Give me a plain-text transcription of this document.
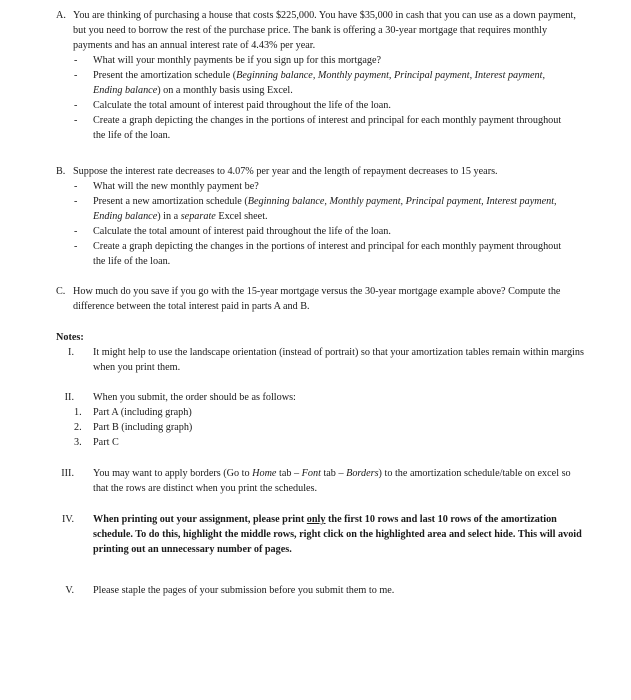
A. You are thinking of purchasing a house that costs $225,000. You have $35,000 in cash that you can use as a down payment, but you need to borrow the rest of the purchase price. The bank is offering a 30-year mortgage that requires monthly payments and has an annual interest rate of 4.43% per year.
- What will your monthly payments be if you sign up for this mortgage?
- Present the amortization schedule (Beginning balance, Monthly payment, Principal payment, Interest payment, Ending balance) on a monthly basis using Excel.
- Calculate the total amount of interest paid throughout the life of the loan.
- Create a graph depicting the changes in the portions of interest and principal for each monthly payment throughout the life of the loan.
B. Suppose the interest rate decreases to 4.07% per year and the length of repayment decreases to 15 years.
- What will the new monthly payment be?
- Present a new amortization schedule (Beginning balance, Monthly payment, Principal payment, Interest payment, Ending balance) in a separate Excel sheet.
- Calculate the total amount of interest paid throughout the life of the loan.
- Create a graph depicting the changes in the portions of interest and principal for each monthly payment throughout the life of the loan.
C. How much do you save if you go with the 15-year mortgage versus the 30-year mortgage example above? Compute the difference between the total interest paid in parts A and B.
Notes:
I. It might help to use the landscape orientation (instead of portrait) so that your amortization tables remain within margins when you print them.
II. When you submit, the order should be as follows:
1. Part A (including graph)
2. Part B (including graph)
3. Part C
III. You may want to apply borders (Go to Home tab – Font tab – Borders) to the amortization schedule/table on excel so that the rows are distinct when you print the schedules.
IV. When printing out your assignment, please print only the first 10 rows and last 10 rows of the amortization schedule. To do this, highlight the middle rows, right click on the highlighted area and select hide. This will avoid printing out an unnecessary number of pages.
V. Please staple the pages of your submission before you submit them to me.
